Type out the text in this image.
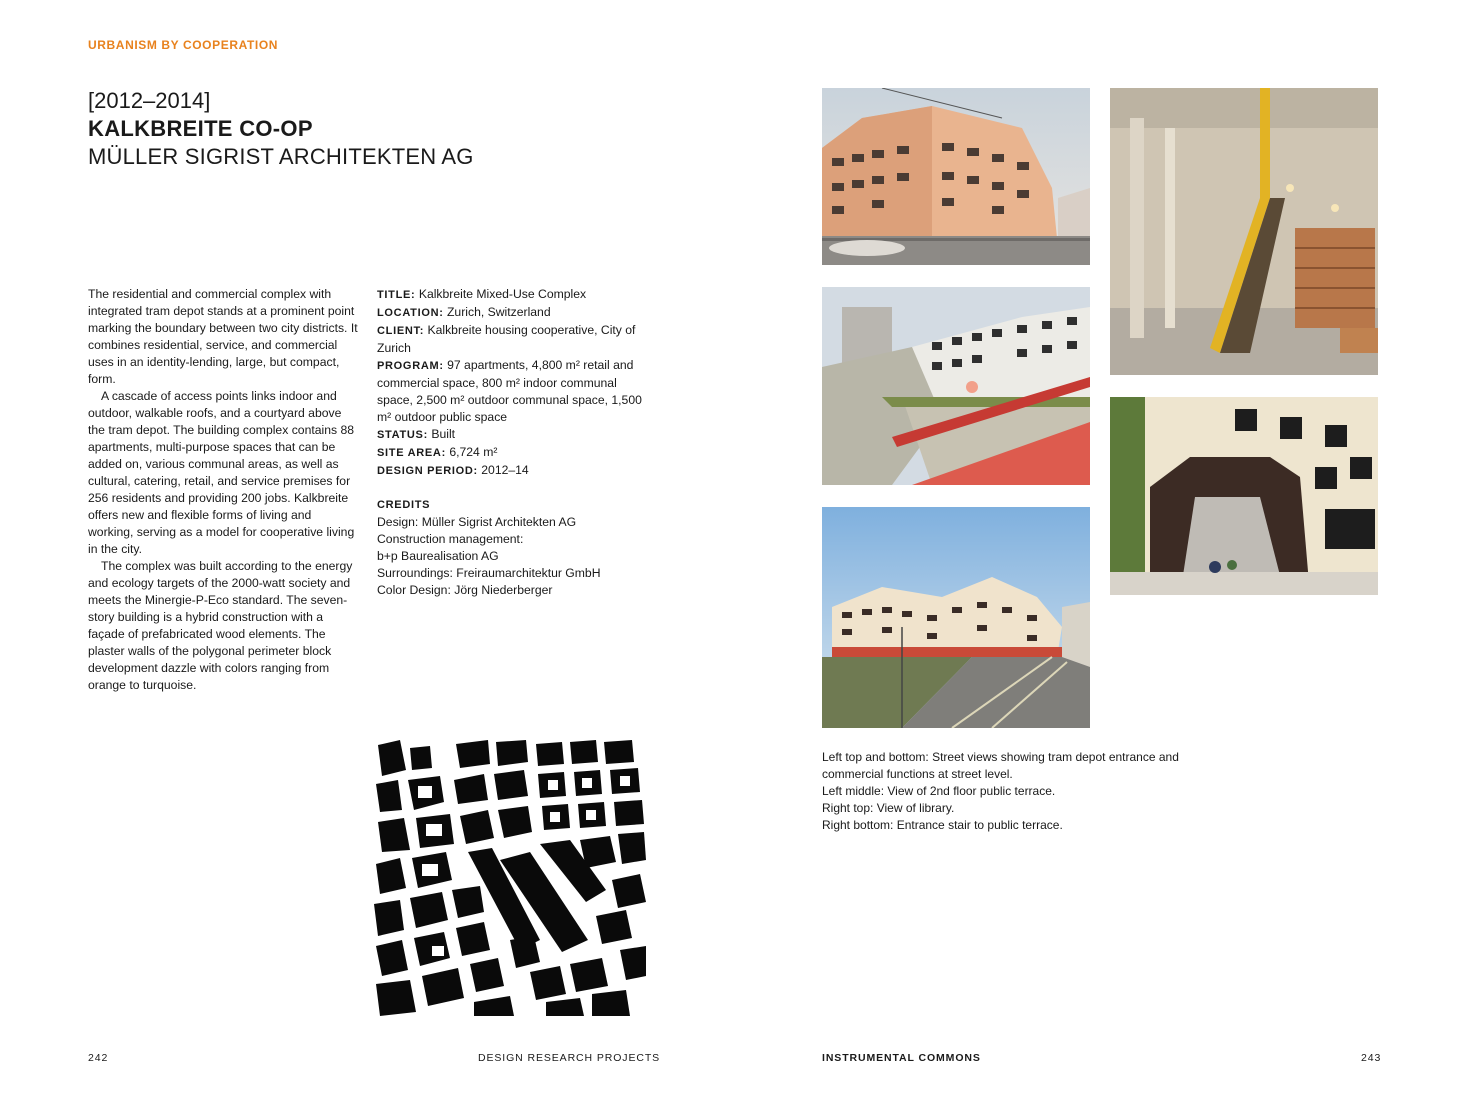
URBANISM BY COOPERATION
[2012–2014]
KALKBREITE CO-OP
MÜLLER SIGRIST ARCHITEKTEN AG

The residential and commercial complex with integrated tram depot stands at a prominent point marking the boundary between two city districts. It combines residential, service, and commercial uses in an identity-lending, large, but compact, form.

A cascade of access points links indoor and outdoor, walkable roofs, and a courtyard above the tram depot. The building complex contains 88 apartments, multi-purpose spaces that can be added on, various communal areas, as well as cultural, catering, retail, and service premises for 256 residents and providing 200 jobs. Kalkbreite offers new and flexible forms of living and working, serving as a model for cooperative living in the city.

The complex was built according to the energy and ecology targets of the 2000-watt society and meets the Minergie-P-Eco standard. The seven-story building is a hybrid construction with a façade of prefabricated wood elements. The plaster walls of the polygonal perimeter block development dazzle with colors ranging from orange to turquoise.

TITLE: Kalkbreite Mixed-Use Complex
LOCATION: Zurich, Switzerland
CLIENT: Kalkbreite housing cooperative, City of Zurich
PROGRAM: 97 apartments, 4,800 m² retail and commercial space, 800 m² indoor communal space, 2,500 m² outdoor communal space, 1,500 m² outdoor public space
STATUS: Built
SITE AREA: 6,724 m²
DESIGN PERIOD: 2012–14
CREDITS
Design: Müller Sigrist Architekten AG
Construction management:
b+p Baurealisation AG
Surroundings: Freiraumarchitektur GmbH
Color Design: Jörg Niederberger
Left top and bottom: Street views showing tram depot entrance and
commercial functions at street level.
Left middle: View of 2nd floor public terrace.
Right top: View of library.
Right bottom: Entrance stair to public terrace.
242	DESIGN RESEARCH PROJECTS	INSTRUMENTAL COMMONS	243
